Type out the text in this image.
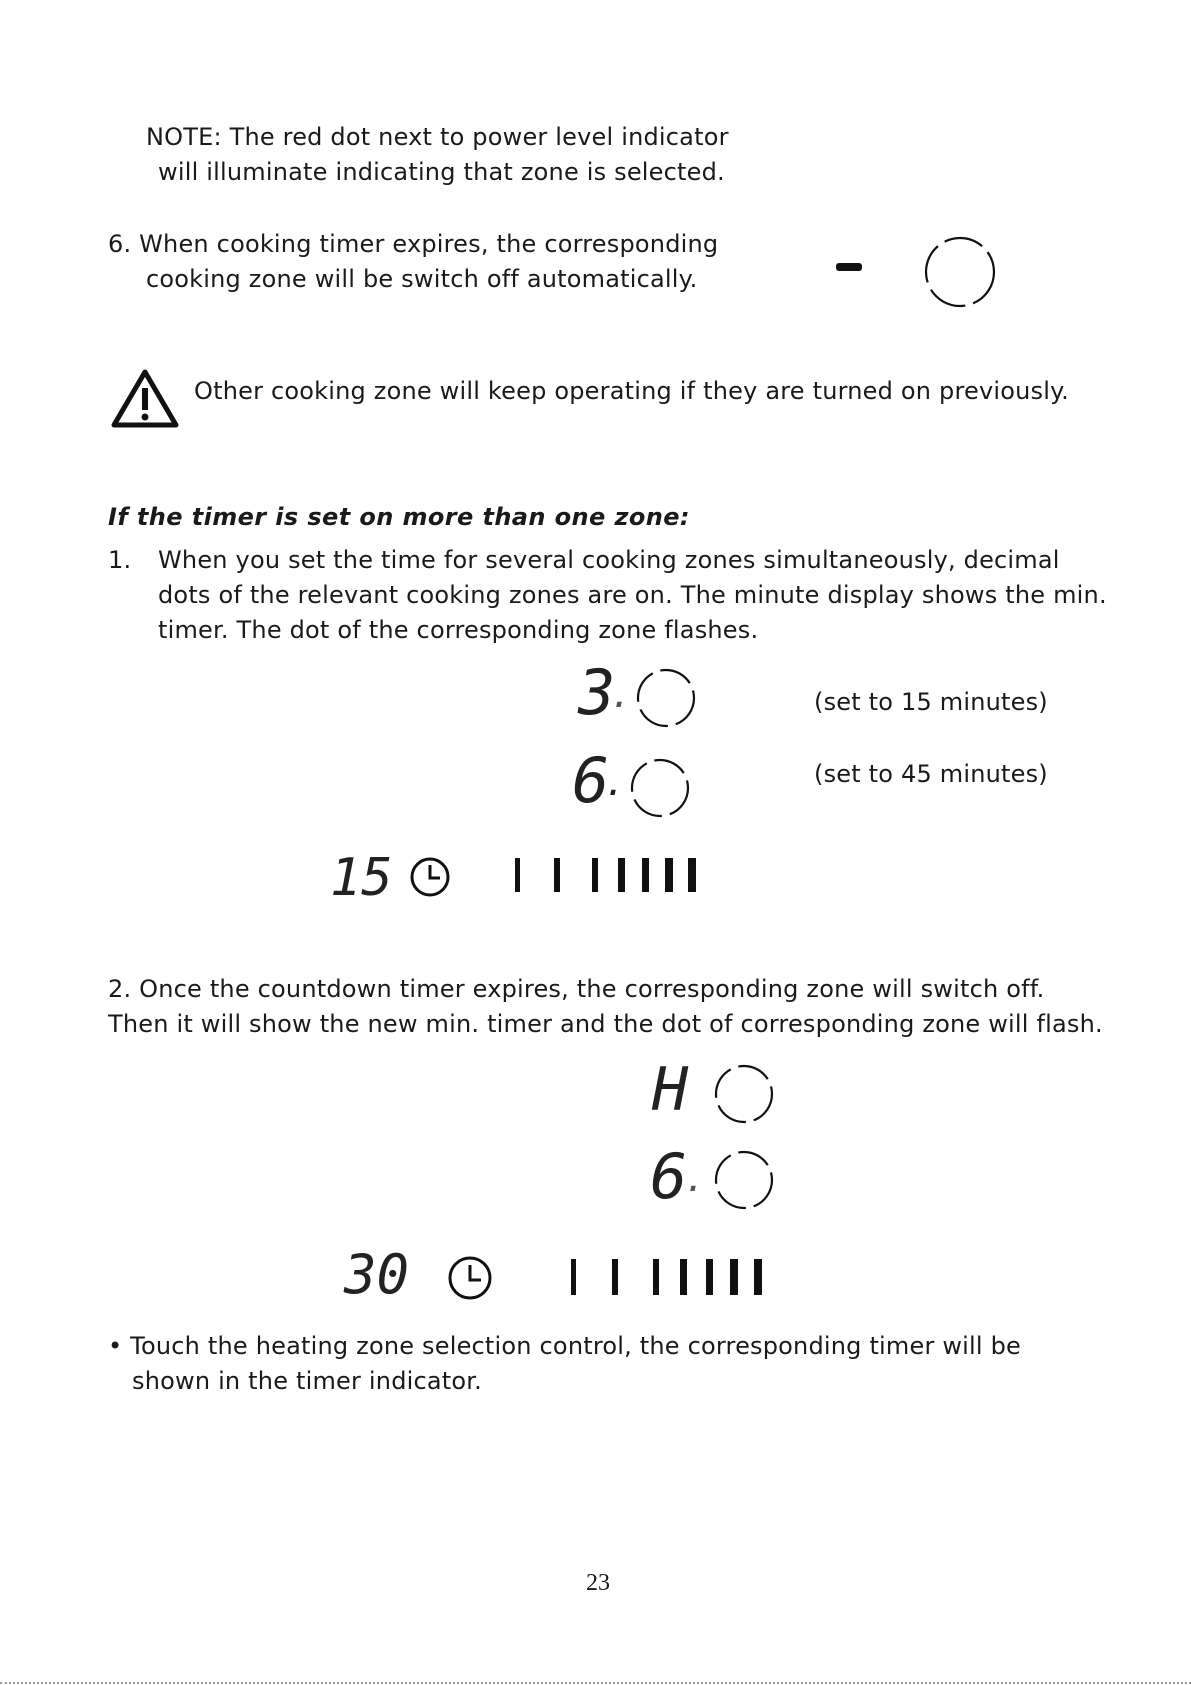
NOTE: The red dot next to power level indicator
will illuminate indicating that zone is selected.
6. When cooking timer expires, the corresponding
cooking zone will be switch off automatically.
Other cooking zone will keep operating if they are turned on previously.
If the timer is set on more than one zone:
1. When you set the time for several cooking zones simultaneously, decimal
dots of the relevant cooking zones are on. The minute display shows the min.
timer. The dot of the corresponding zone flashes.
3
.	(set to 15 minutes)
6
.	(set to 45 minutes)
15
2. Once the countdown timer expires, the corresponding zone will switch off.
Then it will show the new min. timer and the dot of corresponding zone will flash.
H
6
.
30
• Touch the heating zone selection control, the corresponding timer will be
shown in the timer indicator.
23
